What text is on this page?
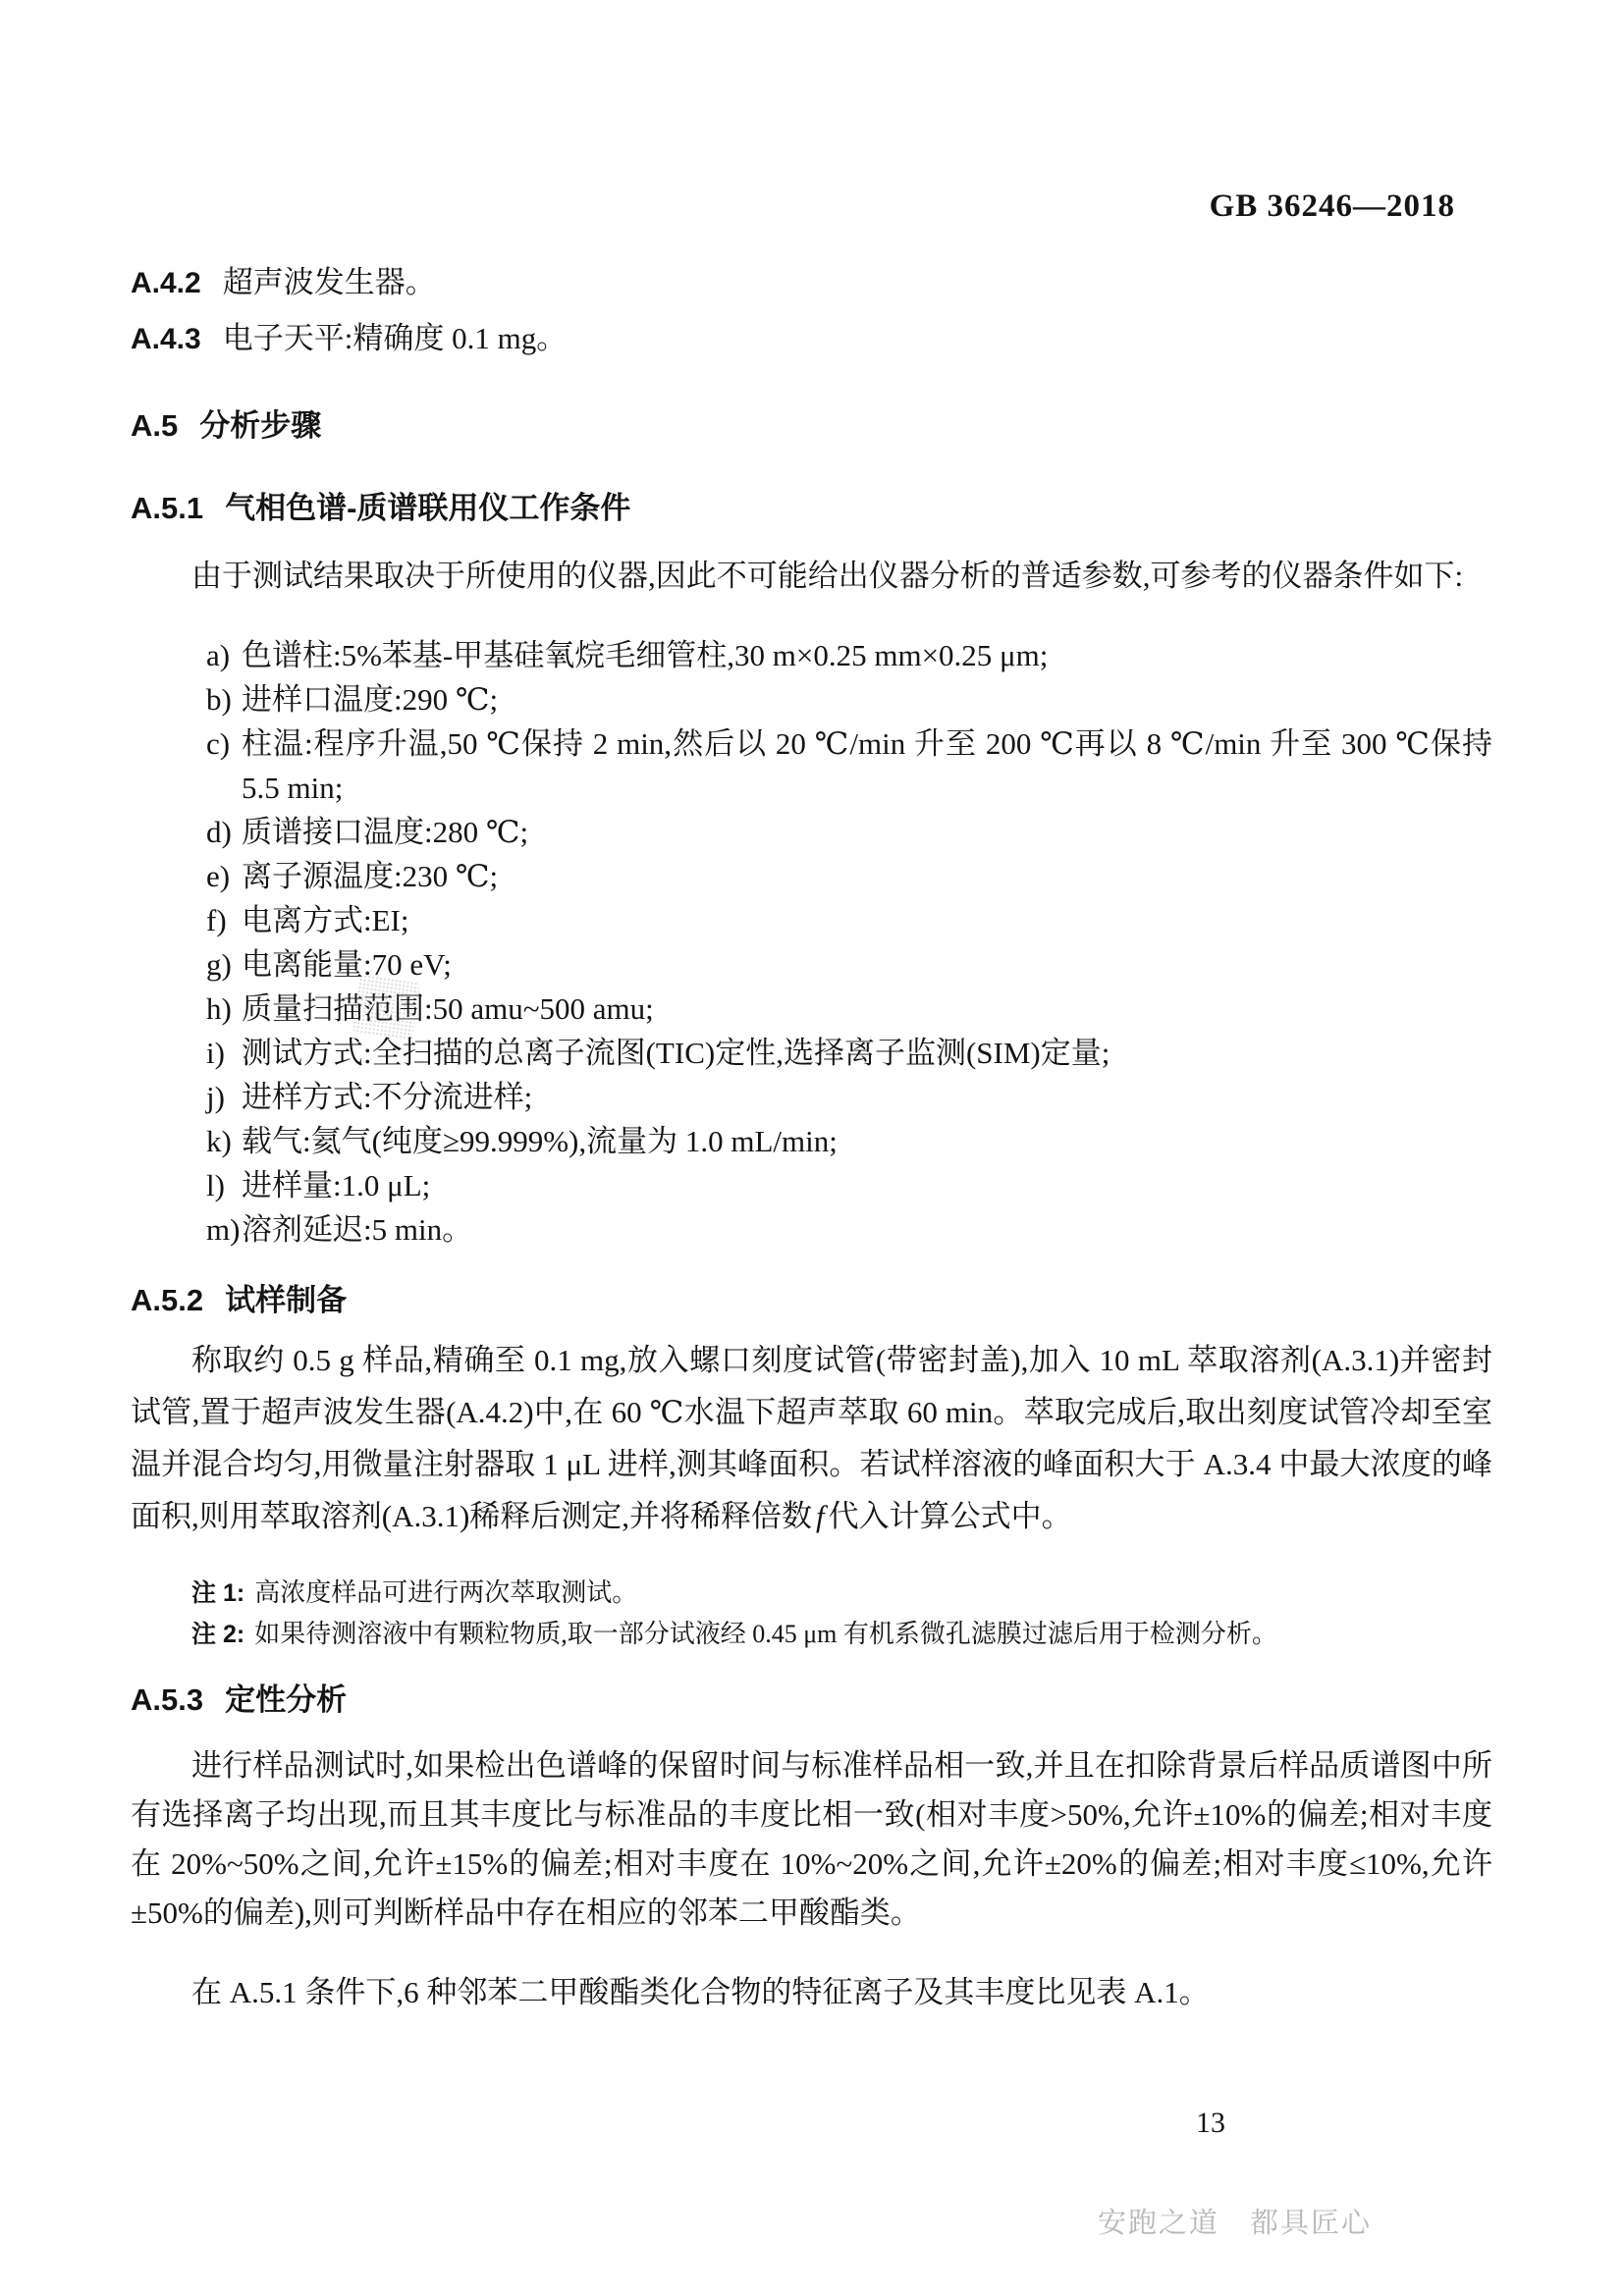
GB 36246—2018
A.4.2 超声波发生器。
A.4.3 电子天平:精确度 0.1 mg。
A.5 分析步骤
A.5.1 气相色谱-质谱联用仪工作条件

由于测试结果取决于所使用的仪器,因此不可能给出仪器分析的普适参数,可参考的仪器条件如下:

a) 色谱柱:5%苯基-甲基硅氧烷毛细管柱,30 m×0.25 mm×0.25 μm;
b) 进样口温度:290 ℃;
c) 柱温:程序升温,50 ℃保持 2 min,然后以 20 ℃/min 升至 200 ℃再以 8 ℃/min 升至 300 ℃保持 5.5 min;
d) 质谱接口温度:280 ℃;
e) 离子源温度:230 ℃;
f) 电离方式:EI;
g) 电离能量:70 eV;
h) 质量扫描范围:50 amu~500 amu;
i) 测试方式:全扫描的总离子流图(TIC)定性,选择离子监测(SIM)定量;
j) 进样方式:不分流进样;
k) 载气:氦气(纯度≥99.999%),流量为 1.0 mL/min;
l) 进样量:1.0 μL;
m) 溶剂延迟:5 min。
A.5.2 试样制备

称取约 0.5 g 样品,精确至 0.1 mg,放入螺口刻度试管(带密封盖),加入 10 mL 萃取溶剂(A.3.1)并密封试管,置于超声波发生器(A.4.2)中,在 60 ℃水温下超声萃取 60 min。萃取完成后,取出刻度试管冷却至室温并混合均匀,用微量注射器取 1 μL 进样,测其峰面积。若试样溶液的峰面积大于 A.3.4 中最大浓度的峰面积,则用萃取溶剂(A.3.1)稀释后测定,并将稀释倍数 f 代入计算公式中。

注 1: 高浓度样品可进行两次萃取测试。
注 2: 如果待测溶液中有颗粒物质,取一部分试液经 0.45 μm 有机系微孔滤膜过滤后用于检测分析。
A.5.3 定性分析

进行样品测试时,如果检出色谱峰的保留时间与标准样品相一致,并且在扣除背景后样品质谱图中所有选择离子均出现,而且其丰度比与标准品的丰度比相一致(相对丰度>50%,允许±10%的偏差;相对丰度在 20%~50%之间,允许±15%的偏差;相对丰度在 10%~20%之间,允许±20%的偏差;相对丰度≤10%,允许±50%的偏差),则可判断样品中存在相应的邻苯二甲酸酯类。

在 A.5.1 条件下,6 种邻苯二甲酸酯类化合物的特征离子及其丰度比见表 A.1。

13
安跑之道　都具匠心
